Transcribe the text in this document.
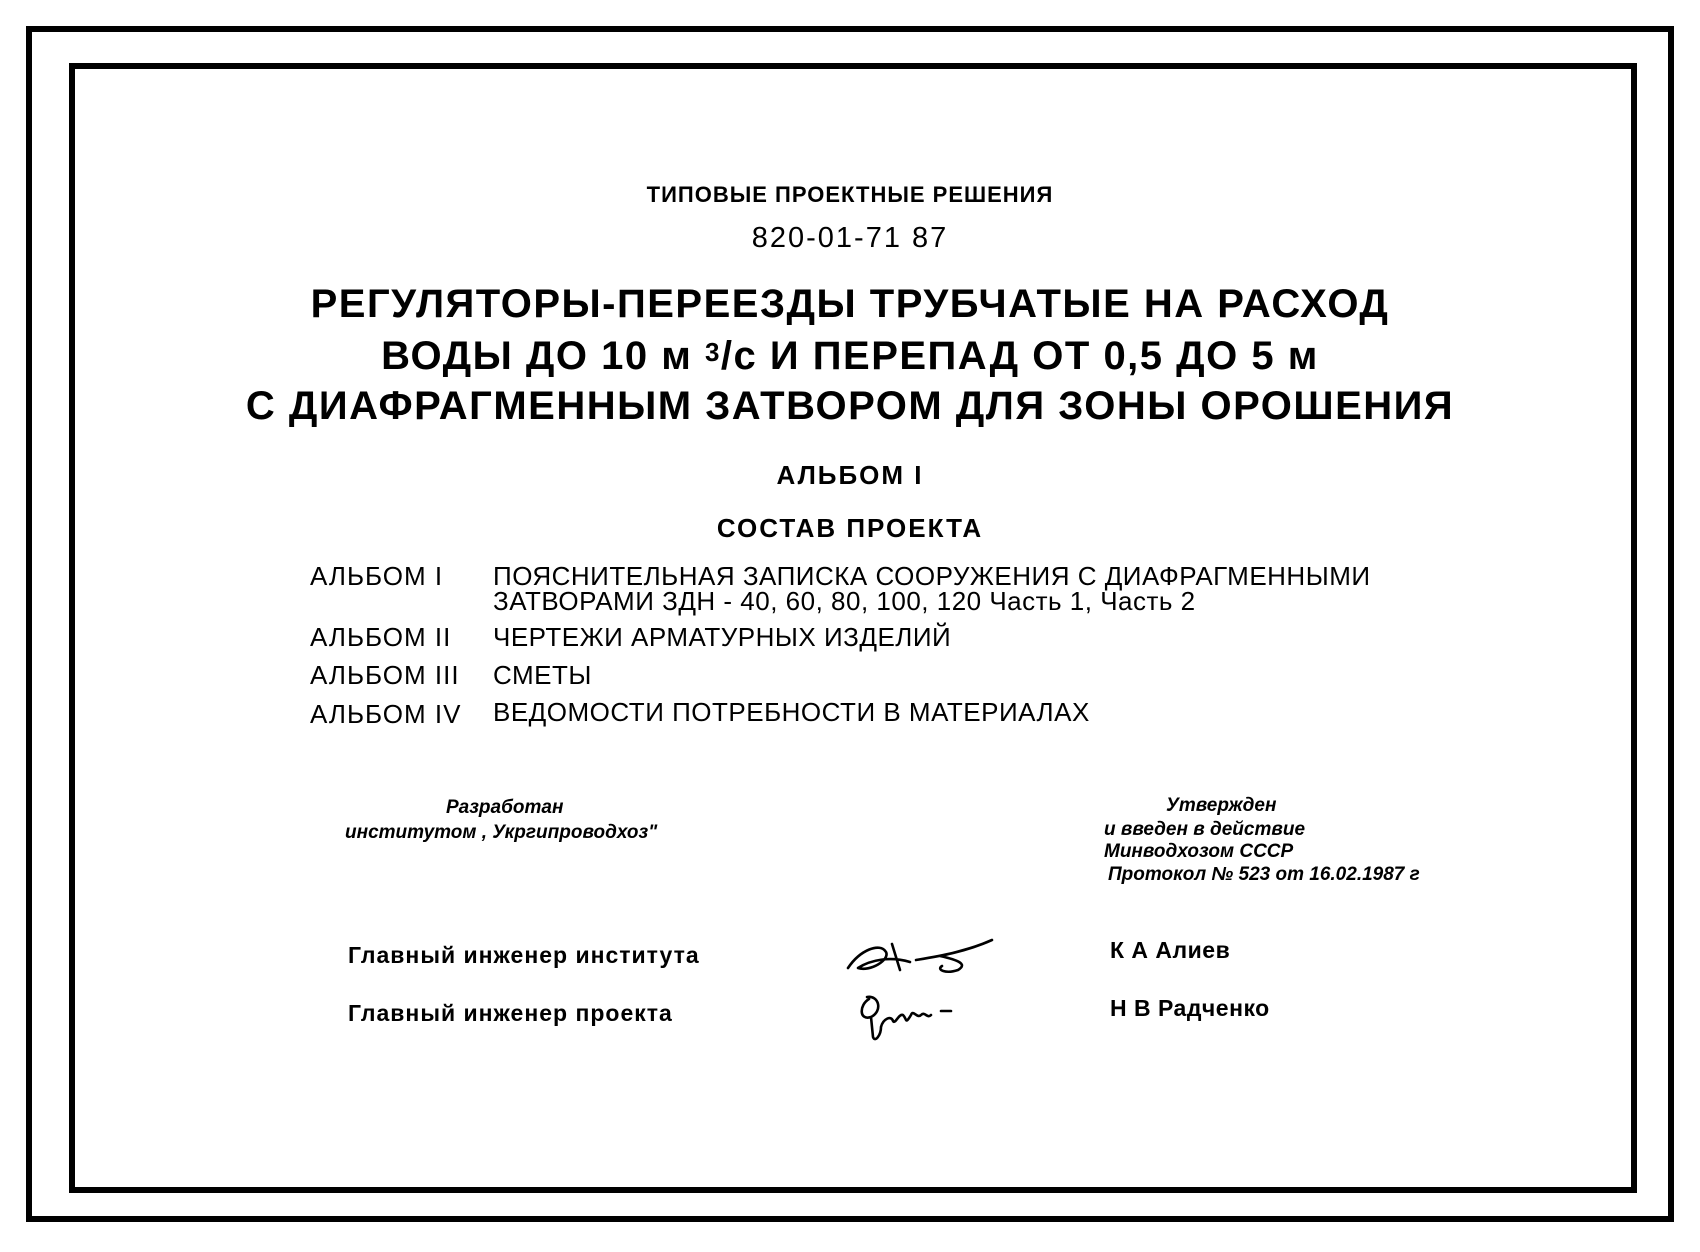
ТИПОВЫЕ ПРОЕКТНЫЕ РЕШЕНИЯ
820-01-71 87
РЕГУЛЯТОРЫ-ПЕРЕЕЗДЫ ТРУБЧАТЫЕ НА РАСХОД
ВОДЫ ДО 10 м $^3$/с И ПЕРЕПАД ОТ 0,5 ДО 5 м
С ДИАФРАГМЕННЫМ ЗАТВОРОМ ДЛЯ ЗОНЫ ОРОШЕНИЯ
АЛЬБОМ I
СОСТАВ ПРОЕКТА
АЛЬБОМ I ПОЯСНИТЕЛЬНАЯ ЗАПИСКА СООРУЖЕНИЯ С ДИАФРАГМЕННЫМИ
ЗАТВОРАМИ ЗДН - 40, 60, 80, 100, 120 Часть 1, Часть 2
АЛЬБОМ II ЧЕРТЕЖИ АРМАТУРНЫХ ИЗДЕЛИЙ
АЛЬБОМ III СМЕТЫ
АЛЬБОМ IV ВЕДОМОСТИ ПОТРЕБНОСТИ В МАТЕРИАЛАХ
Разработан
институтом , Укргипроводхоз"
Утвержден
и введен в действие
Минводхозом СССР
Протокол № 523 от 16.02.1987 г
Главный инженер института	К А Алиев
Главный инженер проекта	Н В Радченко
